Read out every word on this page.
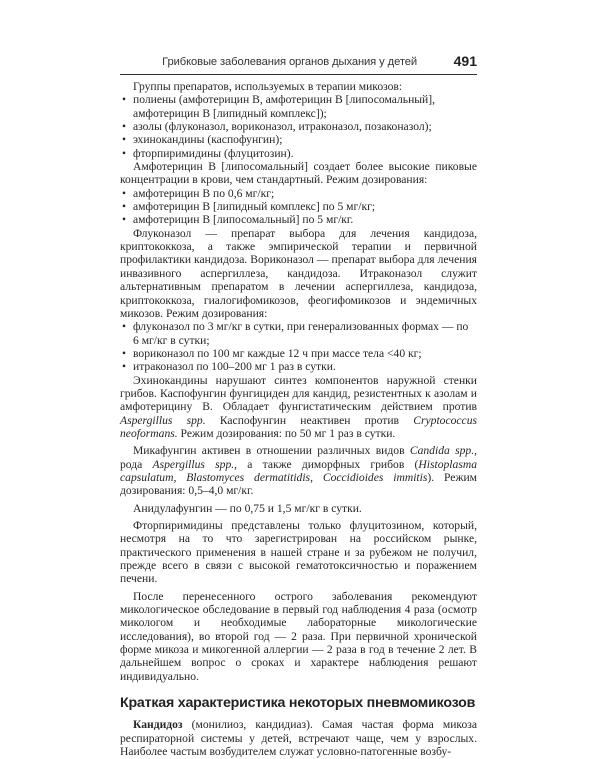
Грибковые заболевания органов дыхания у детей	491

Группы препаратов, используемых в терапии микозов:

• полиены (амфотерицин В, амфотерицин В [липосомальный], амфотерицин В [липидный комплекс]);
• азолы (флуконазол, вориконазол, итраконазол, позаконазол);
• эхинокандины (каспофунгин);
• фторпиримидины (флуцитозин).

Амфотерицин В [липосомальный] создает более высокие пиковые концентрации в крови, чем стандартный. Режим дозирования:

• амфотерицин В по 0,6 мг/кг;
• амфотерицин В [липидный комплекс] по 5 мг/кг;
• амфотерицин В [липосомальный] по 5 мг/кг.

Флуконазол — препарат выбора для лечения кандидоза, криптококкоза, а также эмпирической терапии и первичной профилактики кандидоза. Вориконазол — препарат выбора для лечения инвазивного аспергиллеза, кандидоза. Итраконазол служит альтернативным препаратом в лечении аспергиллеза, кандидоза, криптококкоза, гиалогифомикозов, феогифомикозов и эндемичных микозов. Режим дозирования:

• флуконазол по 3 мг/кг в сутки, при генерализованных формах — по 6 мг/кг в сутки;
• вориконазол по 100 мг каждые 12 ч при массе тела <40 кг;
• итраконазол по 100–200 мг 1 раз в сутки.

Эхинокандины нарушают синтез компонентов наружной стенки грибов. Каспофунгин фунгициден для кандид, резистентных к азолам и амфотерицину В. Обладает фунгистатическим действием против Aspergillus spp. Каспофунгин неактивен против Cryptococcus neoformans. Режим дозирования: по 50 мг 1 раз в сутки.

Микафунгин активен в отношении различных видов Candida spp., рода Aspergillus spp., а также диморфных грибов (Histoplasma capsulatum, Blastomyces dermatitidis, Coccidioides immitis). Режим дозирования: 0,5–4,0 мг/кг.

Анидулафунгин — по 0,75 и 1,5 мг/кг в сутки.

Фторпиримидины представлены только флуцитозином, который, несмотря на то что зарегистрирован на российском рынке, практического применения в нашей стране и за рубежом не получил, прежде всего в связи с высокой гематотоксичностью и поражением печени.

После перенесенного острого заболевания рекомендуют микологическое обследование в первый год наблюдения 4 раза (осмотр микологом и необходимые лабораторные микологические исследования), во второй год — 2 раза. При первичной хронической форме микоза и микогенной аллергии — 2 раза в год в течение 2 лет. В дальнейшем вопрос о сроках и характере наблюдения решают индивидуально.

Краткая характеристика некоторых пневмомикозов

Кандидоз (монилиоз, кандидиаз). Самая частая форма микоза респираторной системы у детей, встречают чаще, чем у взрослых. Наиболее частым возбудителем служат условно-патогенные возбу-
